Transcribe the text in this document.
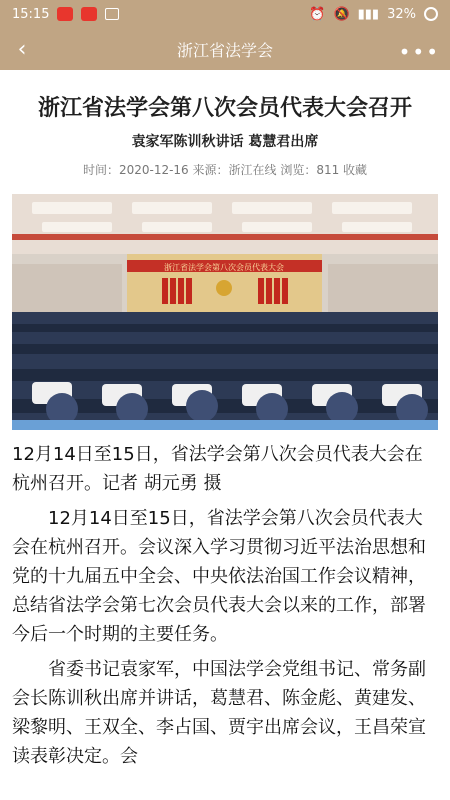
15:15	⏰ 🔕 ▮▮▮ 32%
‹	浙江省法学会	•••
浙江省法学会第八次会员代表大会召开
袁家军陈训秋讲话 葛慧君出席
时间：2020-12-16 来源：浙江在线 浏览：811 收藏
浙江省法学会第八次会员代表大会
12月14日至15日，省法学会第八次会员代表大会在杭州召开。记者 胡元勇 摄
12月14日至15日，省法学会第八次会员代表大会在杭州召开。会议深入学习贯彻习近平法治思想和党的十九届五中全会、中央依法治国工作会议精神，总结省法学会第七次会员代表大会以来的工作，部署今后一个时期的主要任务。
省委书记袁家军，中国法学会党组书记、常务副会长陈训秋出席并讲话，葛慧君、陈金彪、黄建发、梁黎明、王双全、李占国、贾宇出席会议，王昌荣宣读表彰决定。会
